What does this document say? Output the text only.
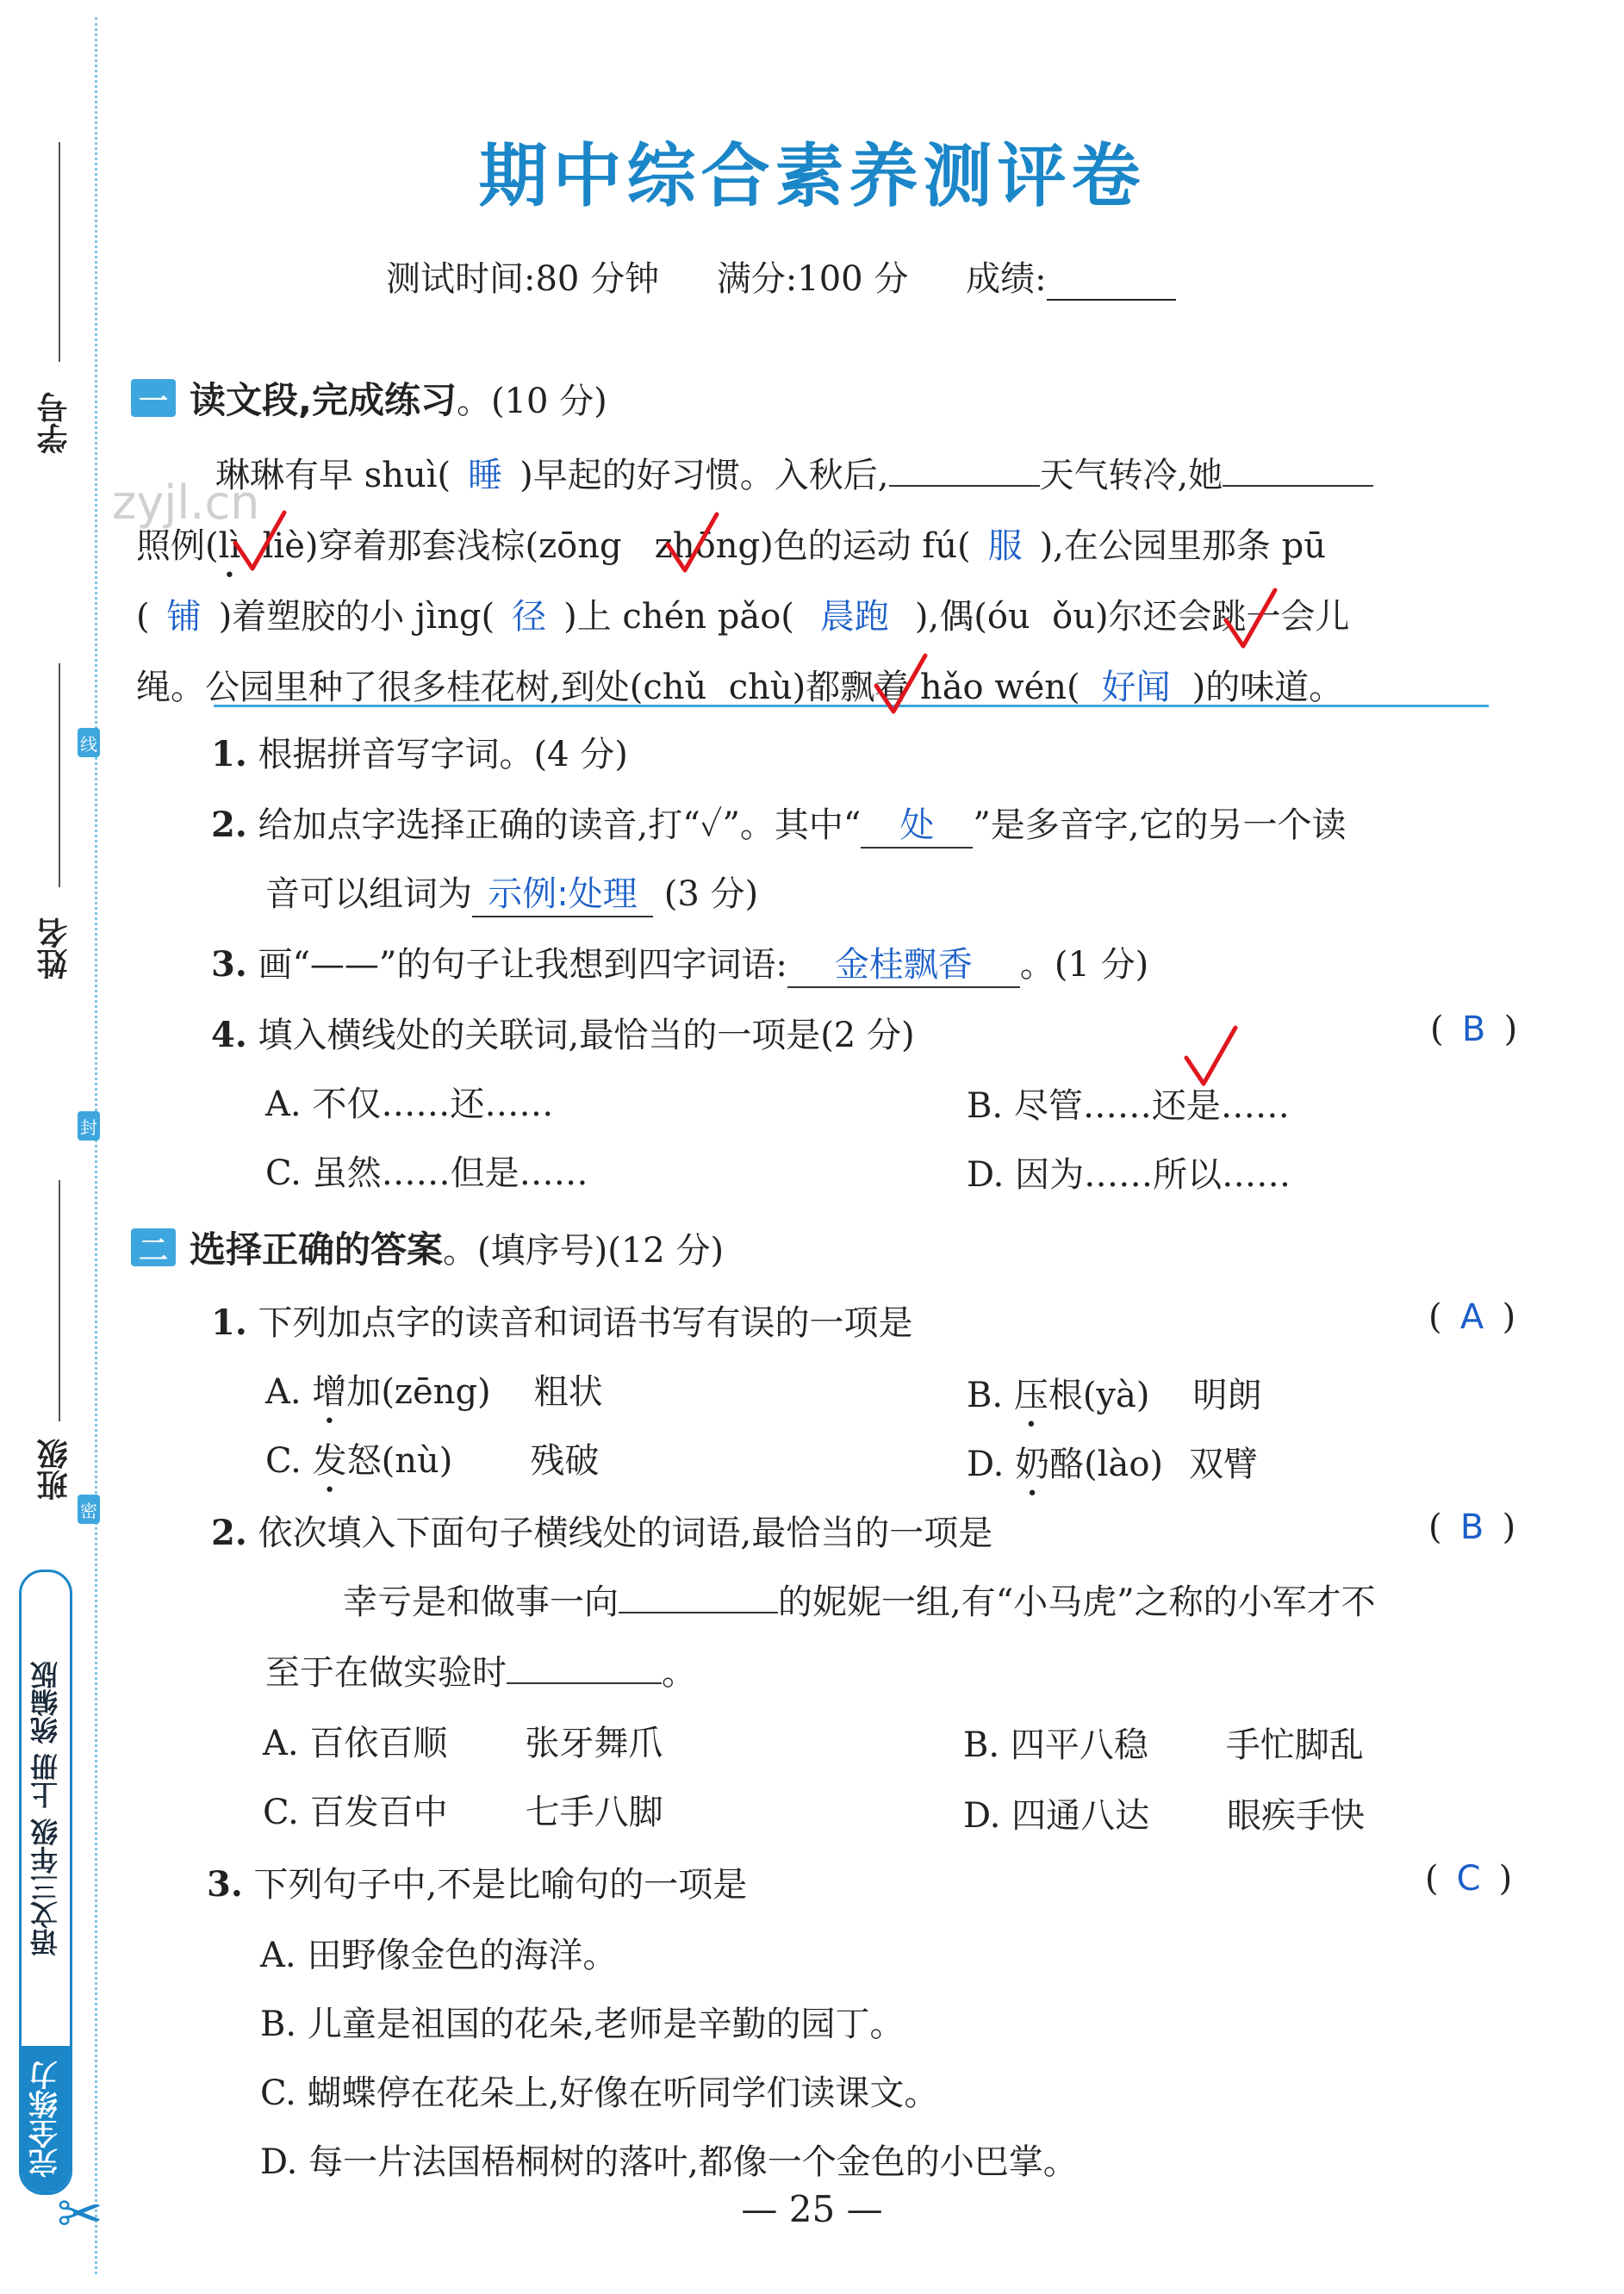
学号
姓名
班级
线
封
密
语文三年级 上册 统编版
完全练力
✂
zyjl.cn
期中综合素养测评卷
测试时间:80 分钟 满分:100 分 成绩:
一 读文段,完成练习 。(10 分)
琳琳有早 shuì( 睡 )早起的好习惯。入秋后,	天气转冷,她
照例(lì • liè)穿着那套浅棕(zōng zhōng)色的运动 fú( 服 ),在公园里那条 pū
( 铺 )着塑胶的小 jìng( 径 )上 chén pǎo( 晨跑 ),偶(óu ǒu)尔还会跳一会儿
绳。公园里种了很多桂花树,到处(chǔ chù)都飘着 hǎo wén( 好闻 )的味道。
1. 根据拼音写字词。(4 分)
2. 给加点字选择正确的读音,打“✓”。其中“ 处 ”是多音字,它的另一个读
音可以组词为 示例:处理 (3 分)
3. 画“——”的句子让我想到四字词语: 金桂飘香 。(1 分)
4. 填入横线处的关联词,最恰当的一项是(2 分)	( B )
A. 不仅……还……	B. 尽管……还是……
C. 虽然……但是……	D. 因为……所以……
二 选择正确的答案 。(填序号)(12 分)
1. 下列加点字的读音和词语书写有误的一项是	( A )
A. 增加(zēng) 粗状	B. 压根(yà) 明朗
C. 发怒(nù) 残破	D. 奶酪(lào) 双臂
2. 依次填入下面句子横线处的词语,最恰当的一项是	( B )
幸亏是和做事一向	的妮妮一组,有“小马虎”之称的小军才不
至于在做实验时	。
A. 百依百顺 张牙舞爪	B. 四平八稳 手忙脚乱
C. 百发百中 七手八脚	D. 四通八达 眼疾手快
3. 下列句子中,不是比喻句的一项是	( C )
A. 田野像金色的海洋。
B. 儿童是祖国的花朵,老师是辛勤的园丁。
C. 蝴蝶停在花朵上,好像在听同学们读课文。
D. 每一片法国梧桐树的落叶,都像一个金色的小巴掌。
— 25 —
